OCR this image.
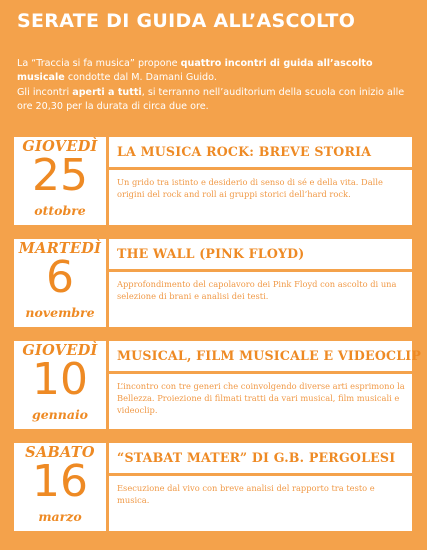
SERATE DI GUIDA ALL’ASCOLTO

La “Traccia si fa musica” propone quattro incontri di guida all’ascolto musicale condotte dal M. Damani Guido.

Gli incontri aperti a tutti, si terranno nell’auditorium della scuola con inizio alle ore 20,30 per la durata di circa due ore.

GIOVEDÌ
25
ottobre
LA MUSICA ROCK: BREVE STORIA
Un grido tra istinto e desiderio di senso di sé e della vita. Dalle origini del rock and roll ai gruppi storici dell’hard rock.
MARTEDÌ
6
novembre
THE WALL (PINK FLOYD)
Approfondimento del capolavoro dei Pink Floyd con ascolto di una selezione di brani e analisi dei testi.
GIOVEDÌ
10
gennaio
MUSICAL, FILM MUSICALE E VIDEOCLIP
L’incontro con tre generi che coinvolgendo diverse arti esprimono la Bellezza. Proiezione di filmati tratti da vari musical, film musicali e videoclip.
SABATO
16
marzo
“STABAT MATER” DI G.B. PERGOLESI
Esecuzione dal vivo con breve analisi del rapporto tra testo e musica.
